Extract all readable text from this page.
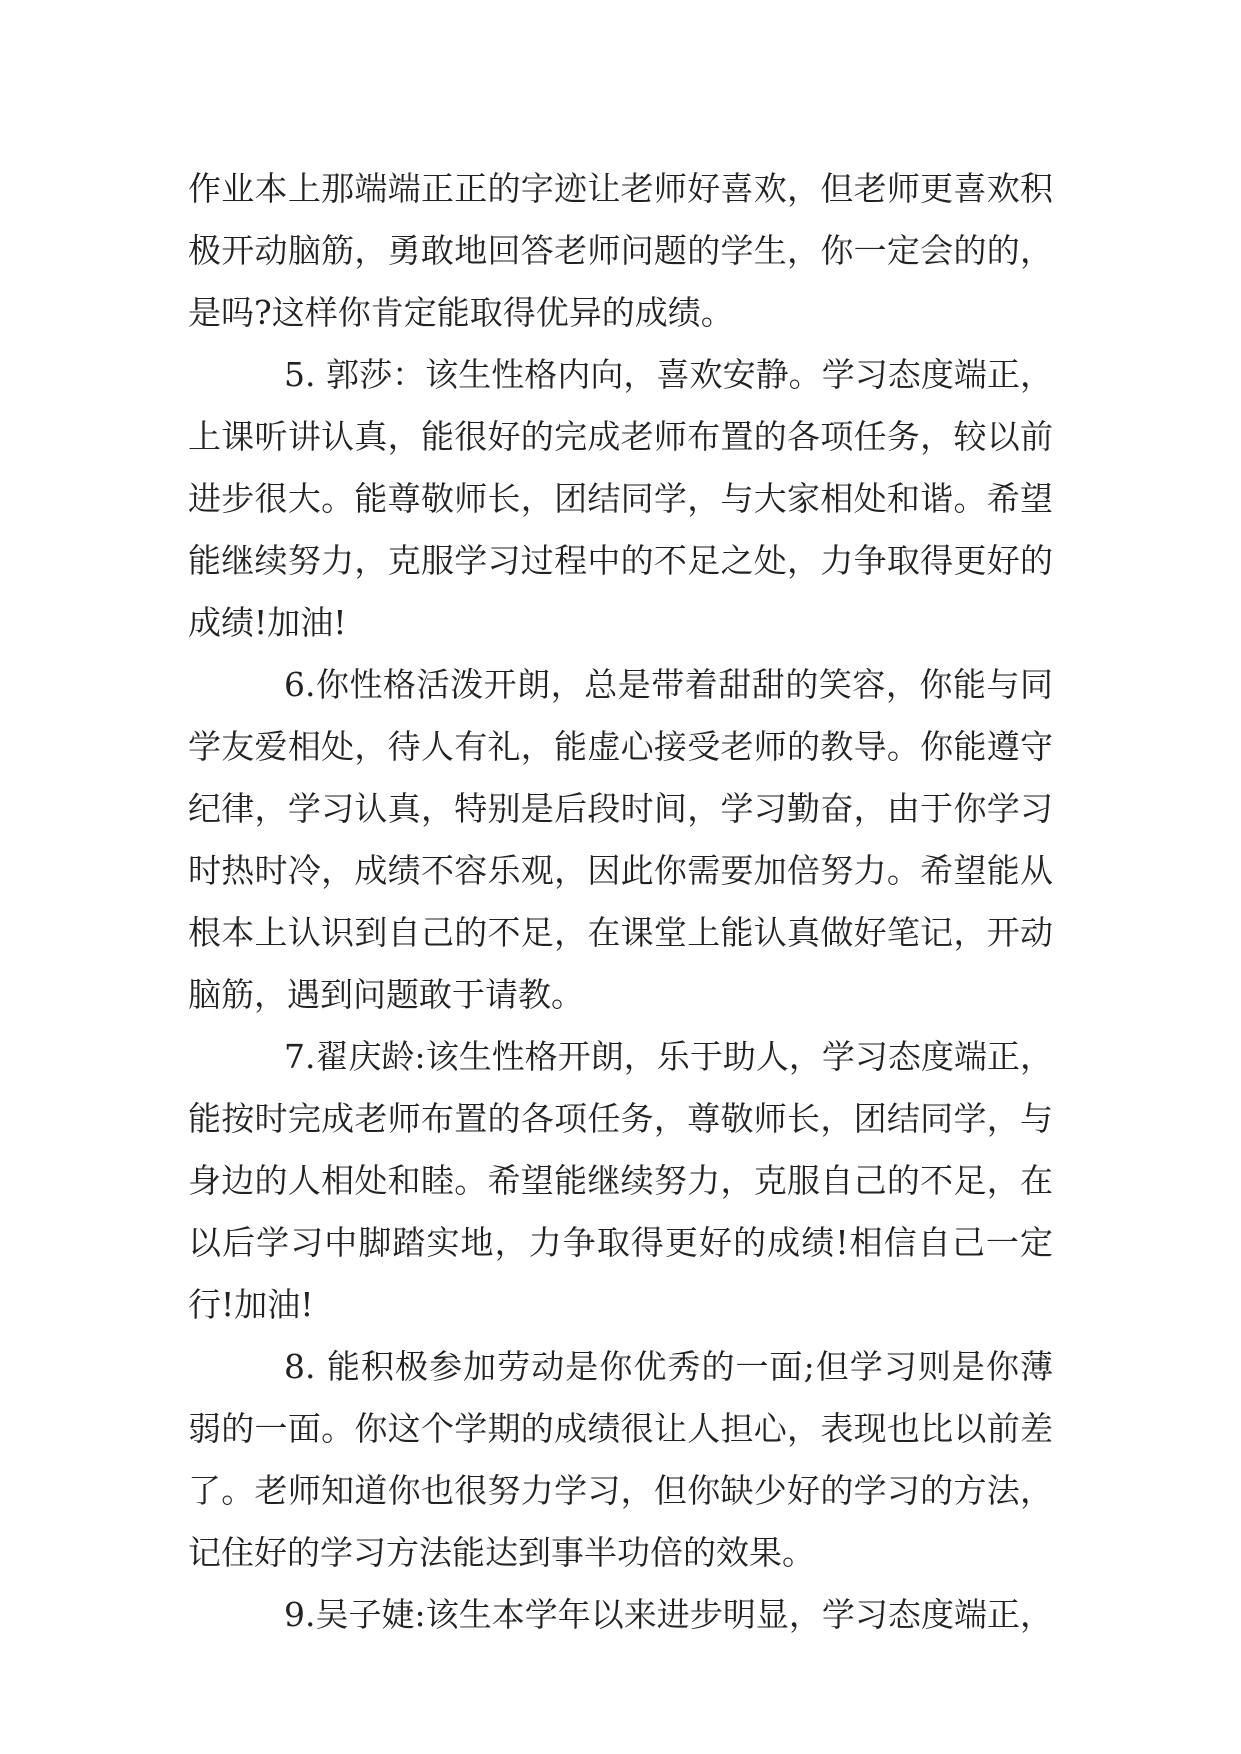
作业本上那端端正正的字迹让老师好喜欢，但老师更喜欢积
极开动脑筋，勇敢地回答老师问题的学生，你一定会的的，
是吗?这样你肯定能取得优异的成绩。
5. 郭莎：该生性格内向，喜欢安静。学习态度端正，
上课听讲认真，能很好的完成老师布置的各项任务，较以前
进步很大。能尊敬师长，团结同学，与大家相处和谐。希望
能继续努力，克服学习过程中的不足之处，力争取得更好的
成绩!加油!
6.你性格活泼开朗，总是带着甜甜的笑容，你能与同
学友爱相处，待人有礼，能虚心接受老师的教导。你能遵守
纪律，学习认真，特别是后段时间，学习勤奋，由于你学习
时热时冷，成绩不容乐观，因此你需要加倍努力。希望能从
根本上认识到自己的不足，在课堂上能认真做好笔记，开动
脑筋，遇到问题敢于请教。
7.翟庆龄:该生性格开朗，乐于助人，学习态度端正，
能按时完成老师布置的各项任务，尊敬师长，团结同学，与
身边的人相处和睦。希望能继续努力，克服自己的不足，在
以后学习中脚踏实地，力争取得更好的成绩!相信自己一定
行!加油!
8. 能积极参加劳动是你优秀的一面;但学习则是你薄
弱的一面。你这个学期的成绩很让人担心，表现也比以前差
了。老师知道你也很努力学习，但你缺少好的学习的方法，
记住好的学习方法能达到事半功倍的效果。
9.吴子婕:该生本学年以来进步明显，学习态度端正，
